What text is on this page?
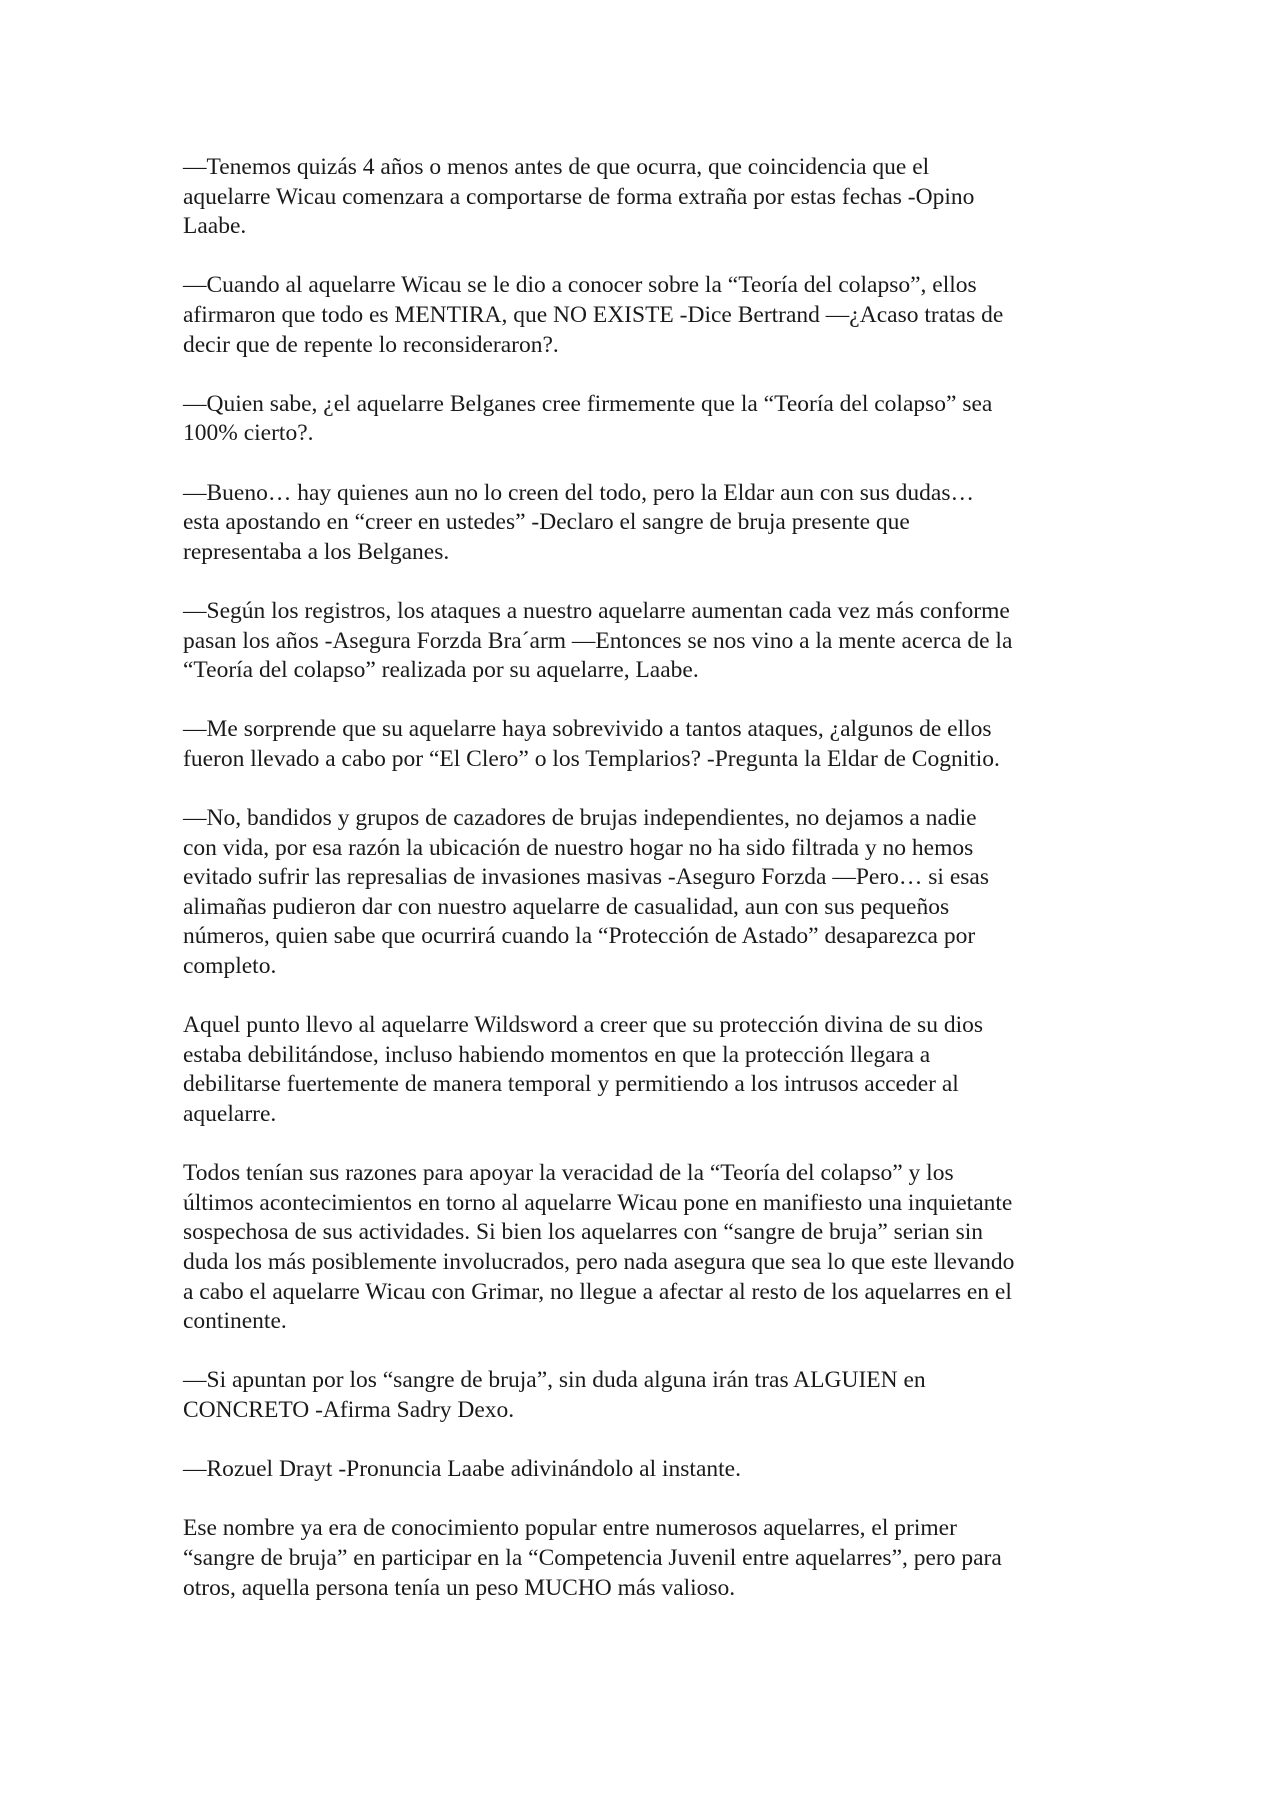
—Tenemos quizás 4 años o menos antes de que ocurra, que coincidencia que el
aquelarre Wicau comenzara a comportarse de forma extraña por estas fechas -Opino
Laabe.

—Cuando al aquelarre Wicau se le dio a conocer sobre la “Teoría del colapso”, ellos
afirmaron que todo es MENTIRA, que NO EXISTE -Dice Bertrand —¿Acaso tratas de
decir que de repente lo reconsideraron?.

—Quien sabe, ¿el aquelarre Belganes cree firmemente que la “Teoría del colapso” sea
100% cierto?.

—Bueno… hay quienes aun no lo creen del todo, pero la Eldar aun con sus dudas…
esta apostando en “creer en ustedes” -Declaro el sangre de bruja presente que
representaba a los Belganes.

—Según los registros, los ataques a nuestro aquelarre aumentan cada vez más conforme
pasan los años -Asegura Forzda Bra´arm —Entonces se nos vino a la mente acerca de la
“Teoría del colapso” realizada por su aquelarre, Laabe.

—Me sorprende que su aquelarre haya sobrevivido a tantos ataques, ¿algunos de ellos
fueron llevado a cabo por “El Clero” o los Templarios? -Pregunta la Eldar de Cognitio.

—No, bandidos y grupos de cazadores de brujas independientes, no dejamos a nadie
con vida, por esa razón la ubicación de nuestro hogar no ha sido filtrada y no hemos
evitado sufrir las represalias de invasiones masivas -Aseguro Forzda —Pero… si esas
alimañas pudieron dar con nuestro aquelarre de casualidad, aun con sus pequeños
números, quien sabe que ocurrirá cuando la “Protección de Astado” desaparezca por
completo.

Aquel punto llevo al aquelarre Wildsword a creer que su protección divina de su dios
estaba debilitándose, incluso habiendo momentos en que la protección llegara a
debilitarse fuertemente de manera temporal y permitiendo a los intrusos acceder al
aquelarre.

Todos tenían sus razones para apoyar la veracidad de la “Teoría del colapso” y los
últimos acontecimientos en torno al aquelarre Wicau pone en manifiesto una inquietante
sospechosa de sus actividades. Si bien los aquelarres con “sangre de bruja” serian sin
duda los más posiblemente involucrados, pero nada asegura que sea lo que este llevando
a cabo el aquelarre Wicau con Grimar, no llegue a afectar al resto de los aquelarres en el
continente.

—Si apuntan por los “sangre de bruja”, sin duda alguna irán tras ALGUIEN en
CONCRETO -Afirma Sadry Dexo.

—Rozuel Drayt -Pronuncia Laabe adivinándolo al instante.

Ese nombre ya era de conocimiento popular entre numerosos aquelarres, el primer
“sangre de bruja” en participar en la “Competencia Juvenil entre aquelarres”, pero para
otros, aquella persona tenía un peso MUCHO más valioso.
